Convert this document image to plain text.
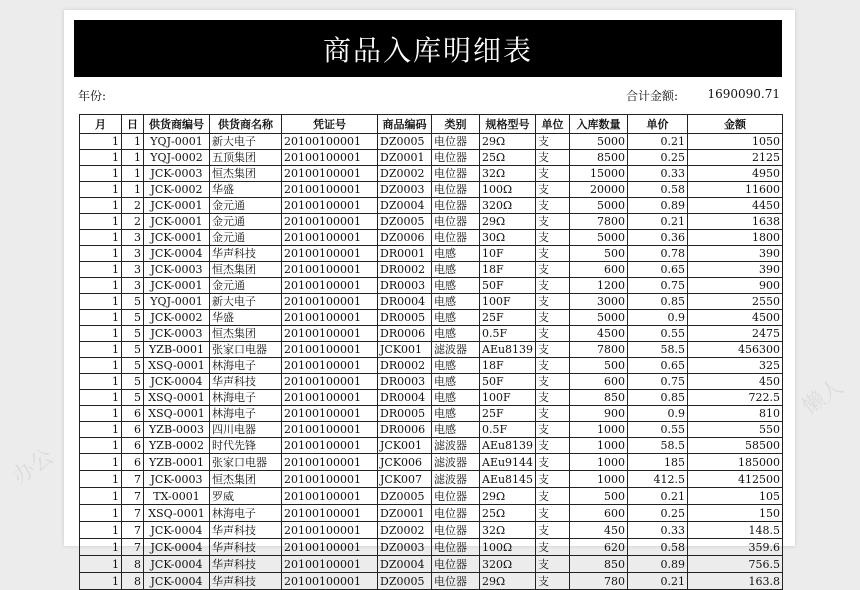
商品入库明细表
年份:	合计金额:	1690090.71
月	日	供货商编号	供货商名称	凭证号	商品编码	类别	规格型号	单位	入库数量	单价	金额
1	1	YQJ-0001	新大电子	20100100001	DZ0005	电位器	29Ω	支	5000	0.21	1050
1	1	YQJ-0002	五顶集团	20100100001	DZ0001	电位器	25Ω	支	8500	0.25	2125
1	1	JCK-0003	恒杰集团	20100100001	DZ0002	电位器	32Ω	支	15000	0.33	4950
1	1	JCK-0002	华盛	20100100001	DZ0003	电位器	100Ω	支	20000	0.58	11600
1	2	JCK-0001	金元通	20100100001	DZ0004	电位器	320Ω	支	5000	0.89	4450
1	2	JCK-0001	金元通	20100100001	DZ0005	电位器	29Ω	支	7800	0.21	1638
1	3	JCK-0001	金元通	20100100001	DZ0006	电位器	30Ω	支	5000	0.36	1800
1	3	JCK-0004	华声科技	20100100001	DR0001	电感	10F	支	500	0.78	390
1	3	JCK-0003	恒杰集团	20100100001	DR0002	电感	18F	支	600	0.65	390
1	3	JCK-0001	金元通	20100100001	DR0003	电感	50F	支	1200	0.75	900
1	5	YQJ-0001	新大电子	20100100001	DR0004	电感	100F	支	3000	0.85	2550
1	5	JCK-0002	华盛	20100100001	DR0005	电感	25F	支	5000	0.9	4500
1	5	JCK-0003	恒杰集团	20100100001	DR0006	电感	0.5F	支	4500	0.55	2475
1	5	YZB-0001	张家口电器	20100100001	JCK001	滤波器	AEu8139	支	7800	58.5	456300
1	5	XSQ-0001	林海电子	20100100001	DR0002	电感	18F	支	500	0.65	325
1	5	JCK-0004	华声科技	20100100001	DR0003	电感	50F	支	600	0.75	450
1	5	XSQ-0001	林海电子	20100100001	DR0004	电感	100F	支	850	0.85	722.5
1	6	XSQ-0001	林海电子	20100100001	DR0005	电感	25F	支	900	0.9	810
1	6	YZB-0003	四川电器	20100100001	DR0006	电感	0.5F	支	1000	0.55	550
1	6	YZB-0002	时代先锋	20100100001	JCK001	滤波器	AEu8139	支	1000	58.5	58500
1	6	YZB-0001	张家口电器	20100100001	JCK006	滤波器	AEu9144	支	1000	185	185000
1	7	JCK-0003	恒杰集团	20100100001	JCK007	滤波器	AEu8145	支	1000	412.5	412500
1	7	TX-0001	罗威	20100100001	DZ0005	电位器	29Ω	支	500	0.21	105
1	7	XSQ-0001	林海电子	20100100001	DZ0001	电位器	25Ω	支	600	0.25	150
1	7	JCK-0004	华声科技	20100100001	DZ0002	电位器	32Ω	支	450	0.33	148.5
1	7	JCK-0004	华声科技	20100100001	DZ0003	电位器	100Ω	支	620	0.58	359.6
1	8	JCK-0004	华声科技	20100100001	DZ0004	电位器	320Ω	支	850	0.89	756.5
1	8	JCK-0004	华声科技	20100100001	DZ0005	电位器	29Ω	支	780	0.21	163.8
办公
懒人
